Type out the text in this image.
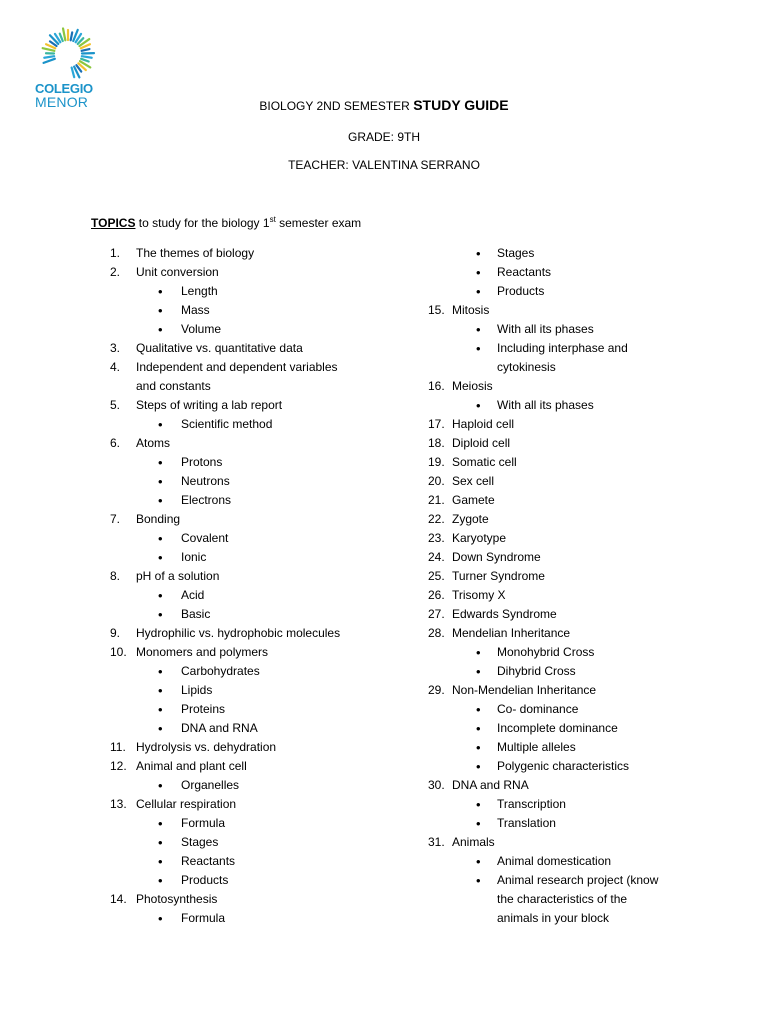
COLEGIO
MENOR	BIOLOGY 2ND SEMESTER STUDY GUIDE
GRADE: 9TH
TEACHER: VALENTINA SERRANO
TOPICS to study for the biology 1st semester exam
1. The themes of biology
2. Unit conversion
• Length
• Mass
• Volume
3. Qualitative vs. quantitative data
4. Independent and dependent variables
and constants
5. Steps of writing a lab report
• Scientific method
6. Atoms
• Protons
• Neutrons
• Electrons
7. Bonding
• Covalent
• Ionic
8. pH of a solution
• Acid
• Basic
9. Hydrophilic vs. hydrophobic molecules
10. Monomers and polymers
• Carbohydrates
• Lipids
• Proteins
• DNA and RNA
11. Hydrolysis vs. dehydration
12. Animal and plant cell
• Organelles
13. Cellular respiration
• Formula
• Stages
• Reactants
• Products
14. Photosynthesis
• Formula
• Stages
• Reactants
• Products
15. Mitosis
• With all its phases
• Including interphase and
cytokinesis
16. Meiosis
• With all its phases
17. Haploid cell
18. Diploid cell
19. Somatic cell
20. Sex cell
21. Gamete
22. Zygote
23. Karyotype
24. Down Syndrome
25. Turner Syndrome
26. Trisomy X
27. Edwards Syndrome
28. Mendelian Inheritance
• Monohybrid Cross
• Dihybrid Cross
29. Non-Mendelian Inheritance
• Co- dominance
• Incomplete dominance
• Multiple alleles
• Polygenic characteristics
30. DNA and RNA
• Transcription
• Translation
31. Animals
• Animal domestication
• Animal research project (know
the characteristics of the
animals in your block
